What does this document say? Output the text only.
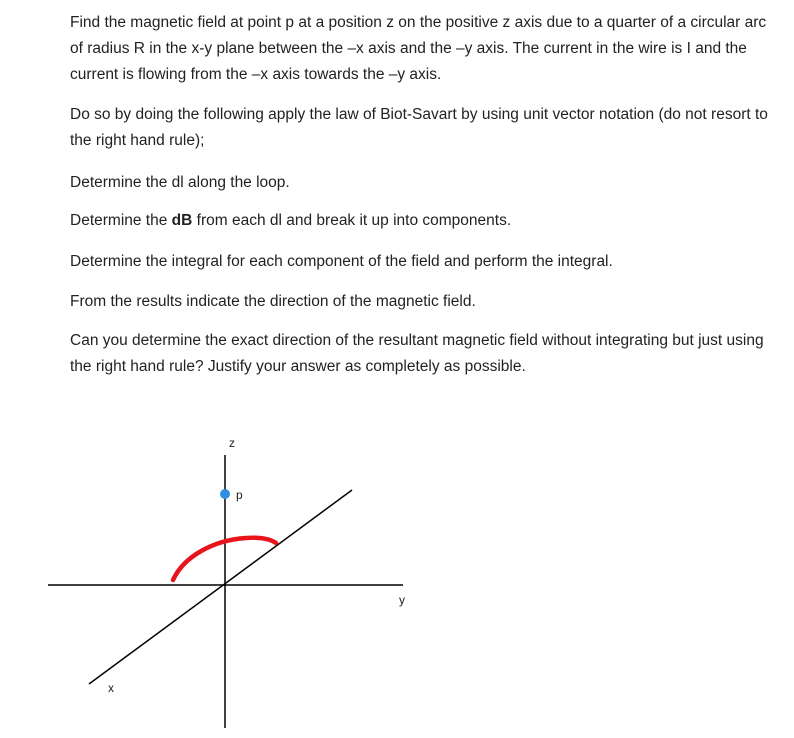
Find the magnetic field at point p at a position z on the positive z axis due to a quarter of a circular arc of radius R in the x-y plane between the –x axis and the –y axis. The current in the wire is I and the current is flowing from the –x axis towards the –y axis.

Do so by doing the following apply the law of Biot-Savart by using unit vector notation (do not resort to the right hand rule);

Determine the dl along the loop.

Determine the dB from each dl and break it up into components.

Determine the integral for each component of the field and perform the integral.

From the results indicate the direction of the magnetic field.

Can you determine the exact direction of the resultant magnetic field without integrating but just using the right hand rule? Justify your answer as completely as possible.

z
p
y
x
